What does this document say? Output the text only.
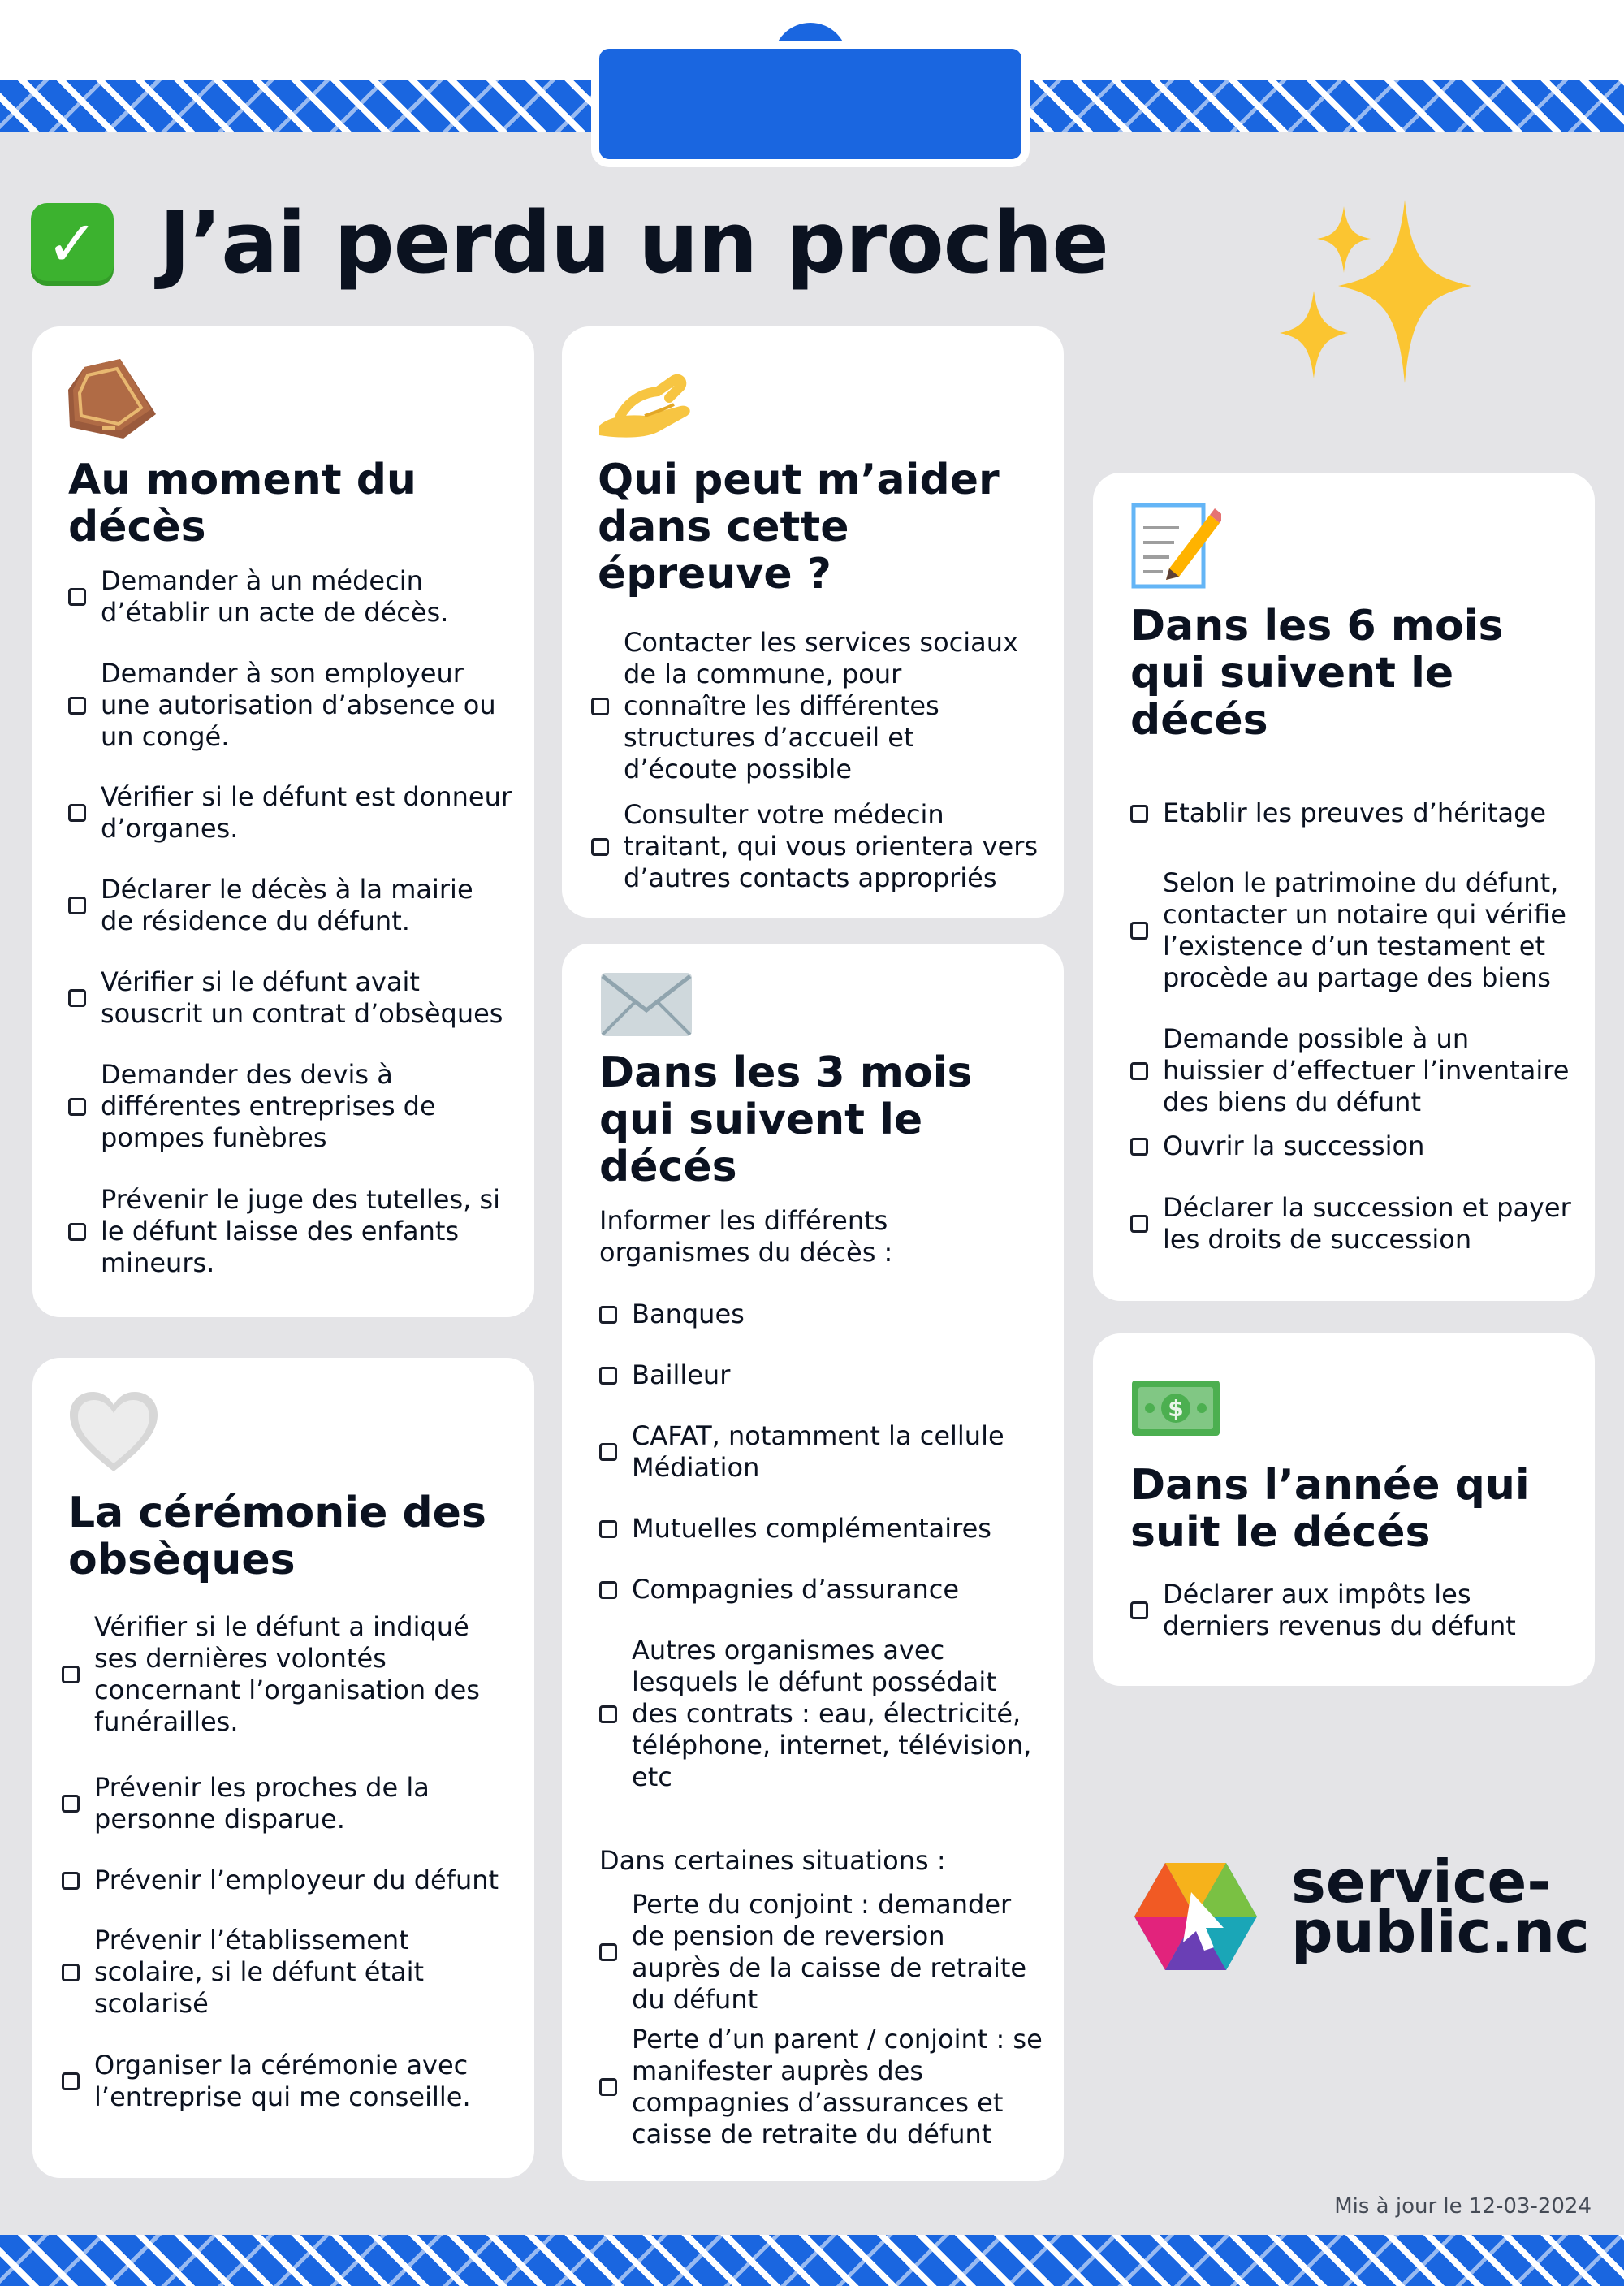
✓ J’ai perdu un proche
Au moment du
décès
Demander à un médecin
d’établir un acte de décès.
Demander à son employeur
une autorisation d’absence ou
un congé.
Vérifier si le défunt est donneur
d’organes.
Déclarer le décès à la mairie
de résidence du défunt.
Vérifier si le défunt avait
souscrit un contrat d’obsèques
Demander des devis à
différentes entreprises de
pompes funèbres
Prévenir le juge des tutelles, si
le défunt laisse des enfants
mineurs.
La cérémonie des
obsèques
Vérifier si le défunt a indiqué
ses dernières volontés
concernant l’organisation des
funérailles.
Prévenir les proches de la
personne disparue.
Prévenir l’employeur du défunt
Prévenir l’établissement
scolaire, si le défunt était
scolarisé
Organiser la cérémonie avec
l’entreprise qui me conseille.
Qui peut m’aider
dans cette
épreuve ?
Contacter les services sociaux
de la commune, pour
connaître les différentes
structures d’accueil et
d’écoute possible
Consulter votre médecin
traitant, qui vous orientera vers
d’autres contacts appropriés
Dans les 3 mois
qui suivent le
décés
Informer les différents
organismes du décès :
Banques
Bailleur
CAFAT, notamment la cellule
Médiation
Mutuelles complémentaires
Compagnies d’assurance
Autres organismes avec
lesquels le défunt possédait
des contrats : eau, électricité,
téléphone, internet, télévision,
etc
Dans certaines situations :
Perte du conjoint : demander
de pension de reversion
auprès de la caisse de retraite
du défunt
Perte d’un parent / conjoint : se
manifester auprès des
compagnies d’assurances et
caisse de retraite du défunt
Dans les 6 mois
qui suivent le
décés
Etablir les preuves d’héritage
Selon le patrimoine du défunt,
contacter un notaire qui vérifie
l’existence d’un testament et
procède au partage des biens
Demande possible à un
huissier d’effectuer l’inventaire
des biens du défunt
Ouvrir la succession
Déclarer la succession et payer
les droits de succession
$
Dans l’année qui
suit le décés
Déclarer aux impôts les
derniers revenus du défunt
service-
public.nc
Mis à jour le 12-03-2024
